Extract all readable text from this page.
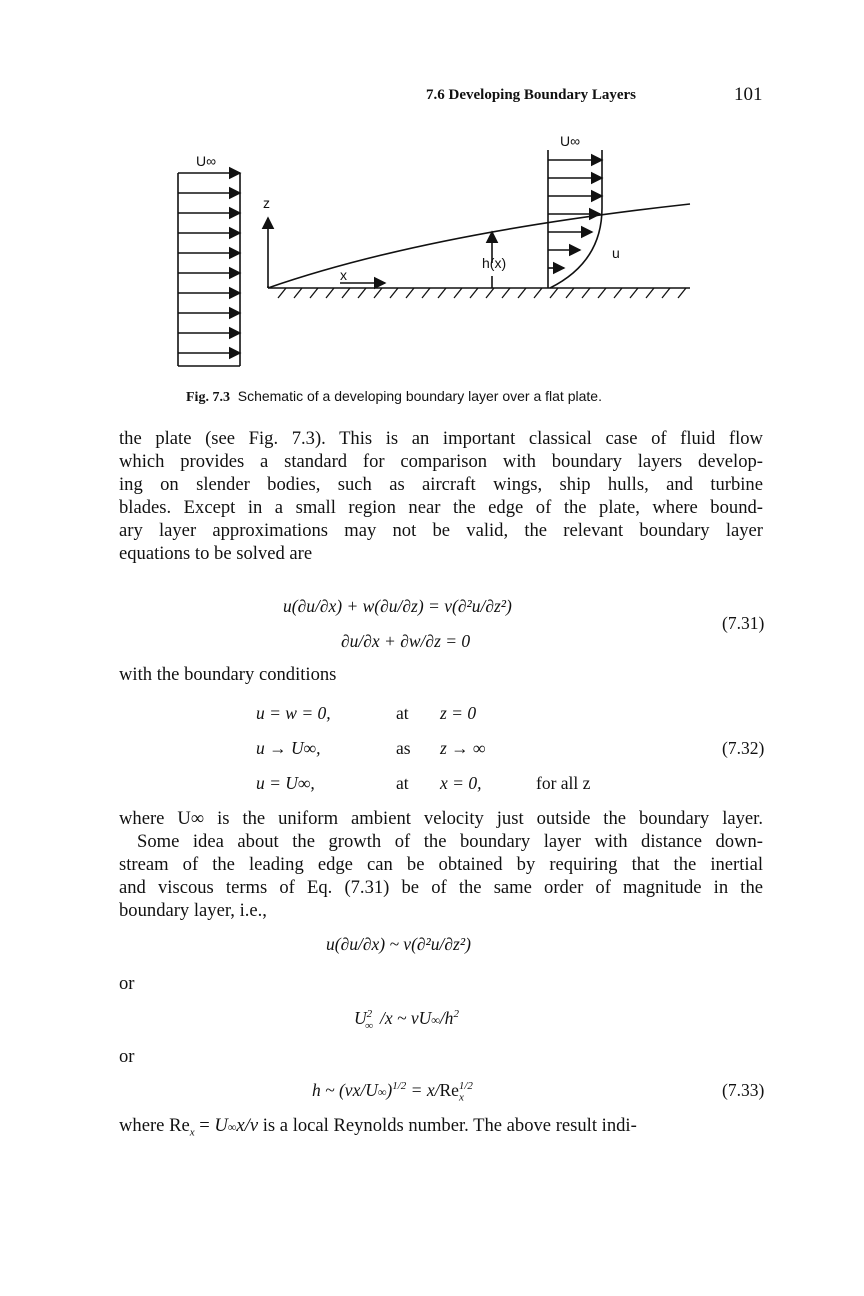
7.6 Developing Boundary Layers	101
U∞
U∞
z
x
h(x)
u
Fig. 7.3 Schematic of a developing boundary layer over a flat plate.
the plate (see Fig. 7.3). This is an important classical case of fluid flow
which provides a standard for comparison with boundary layers develop-
ing on slender bodies, such as aircraft wings, ship hulls, and turbine
blades. Except in a small region near the edge of the plate, where bound-
ary layer approximations may not be valid, the relevant boundary layer
equations to be solved are
u(∂u/∂x) + w(∂u/∂z) = ν(∂²u/∂z²)
∂u/∂x + ∂w/∂z = 0
(7.31)
with the boundary conditions
u = w = 0,	at z = 0
u → U∞,	as z → ∞	(7.32)
u = U∞,	at x = 0,	for all z
where U∞ is the uniform ambient velocity just outside the boundary layer.
Some idea about the growth of the boundary layer with distance down-
stream of the leading edge can be obtained by requiring that the inertial
and viscous terms of Eq. (7.31) be of the same order of magnitude in the
boundary layer, i.e.,
u(∂u/∂x) ~ ν(∂²u/∂z²)
or
$U^2_\infty$ /x ~ $\nu U\infty/h^2$
or
h ~ $(\nu x/U\infty)^{1/2} = x/Re_x^{1/2}$	(7.33)
where $Re_x = U\infty x/\nu$ is a local Reynolds number. The above result indi-
